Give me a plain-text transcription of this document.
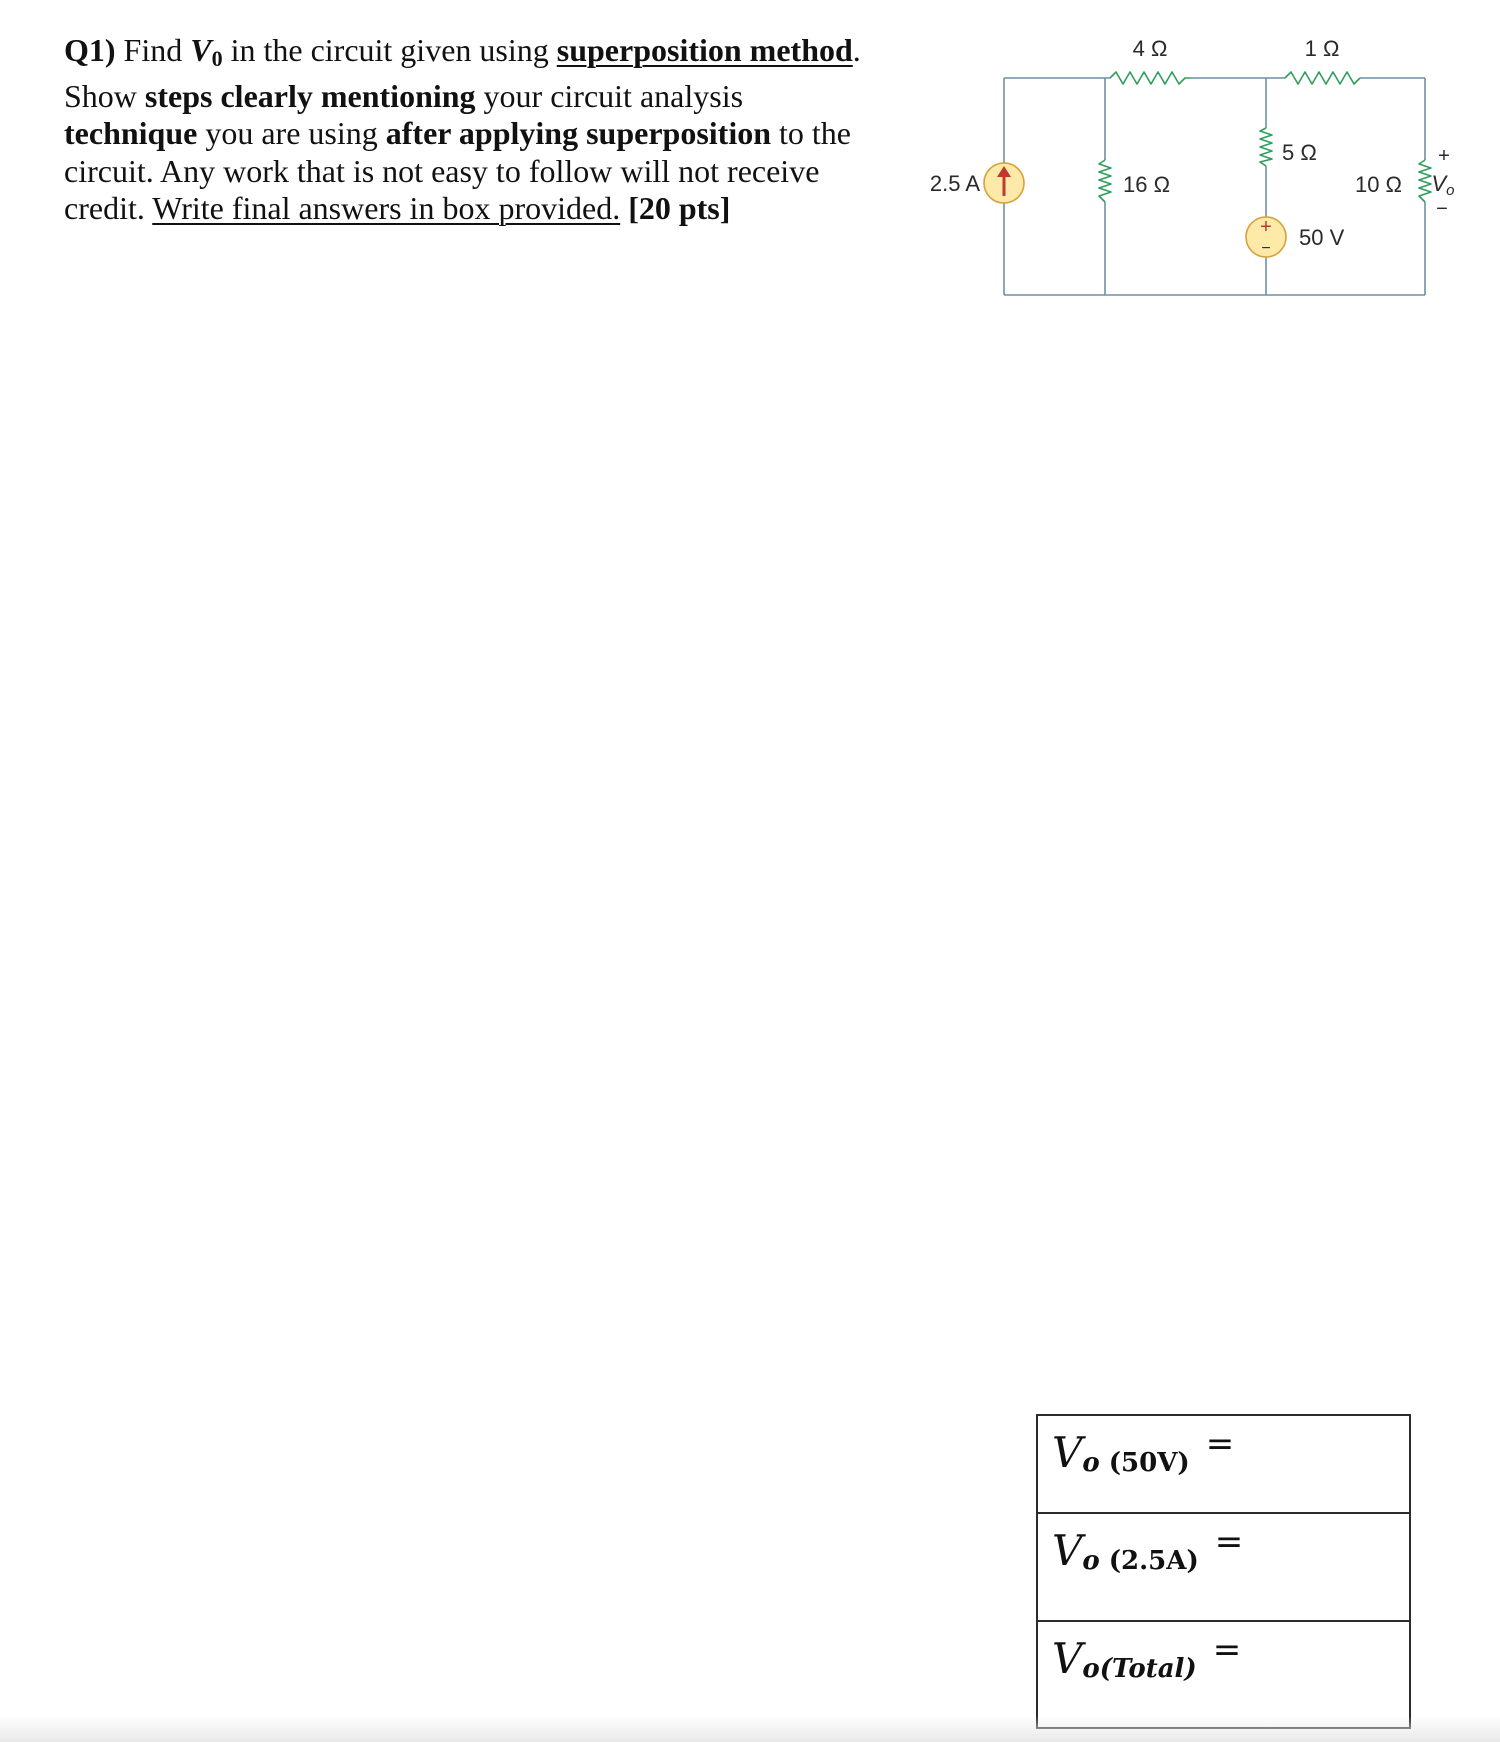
Q1) Find V0 in the circuit given using superposition method.
Show steps clearly mentioning your circuit analysis
technique you are using after applying superposition to the
circuit. Any work that is not easy to follow will not receive
credit. Write final answers in box provided. [20 pts]
+
−
2.5 A	16 Ω
4 Ω
5 Ω
50 V
1 Ω
10 Ω
+
Vo
−
Vo (50V) =
Vo (2.5A) =
Vo(Total) =
